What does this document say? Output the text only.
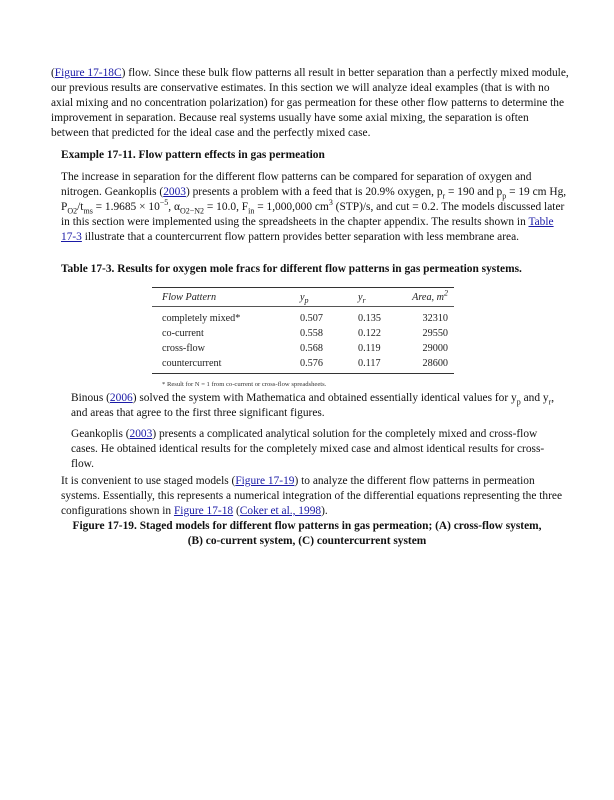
(Figure 17-18C) flow. Since these bulk flow patterns all result in better separation than a perfectly mixed module, our previous results are conservative estimates. In this section we will analyze ideal examples (that is with no axial mixing and no concentration polarization) for gas permeation for these other flow patterns to determine the improvement in separation. Because real systems usually have some axial mixing, the separation is often between that predicted for the ideal case and the perfectly mixed case.

Example 17-11. Flow pattern effects in gas permeation

The increase in separation for the different flow patterns can be compared for separation of oxygen and nitrogen. Geankoplis (2003) presents a problem with a feed that is 20.9% oxygen, $p_r = 190$ and $p_p = 19$ cm Hg, $P_{O2}/t_{ms} = 1.9685 \times 10^{-5}$, $\alpha_{O2-N2} = 10.0$, $F_{in} = 1,000,000$ $cm^3$ (STP)/s, and cut = 0.2. The models discussed later in this section were implemented using the spreadsheets in the chapter appendix. The results shown in Table 17-3 illustrate that a countercurrent flow pattern provides better separation with less membrane area.

Table 17-3. Results for oxygen mole fracs for different flow patterns in gas permeation systems.

Flow Pattern	$y_p$	$y_r$	Area, $m^2$
completely mixed*	0.507	0.135	32310
co-current	0.558	0.122	29550
cross-flow	0.568	0.119	29000
countercurrent	0.576	0.117	28600
* Result for N = 1 from co-current or cross-flow spreadsheets.

Binous (2006) solved the system with Mathematica and obtained essentially identical values for $y_p$ and $y_r$, and areas that agree to the first three significant figures.

Geankoplis (2003) presents a complicated analytical solution for the completely mixed and cross-flow cases. He obtained identical results for the completely mixed case and almost identical results for cross-flow.

It is convenient to use staged models (Figure 17-19) to analyze the different flow patterns in permeation systems. Essentially, this represents a numerical integration of the differential equations representing the three configurations shown in Figure 17-18 (Coker et al., 1998).

Figure 17-19. Staged models for different flow patterns in gas permeation; (A) cross-flow system, (B) co-current system, (C) countercurrent system
